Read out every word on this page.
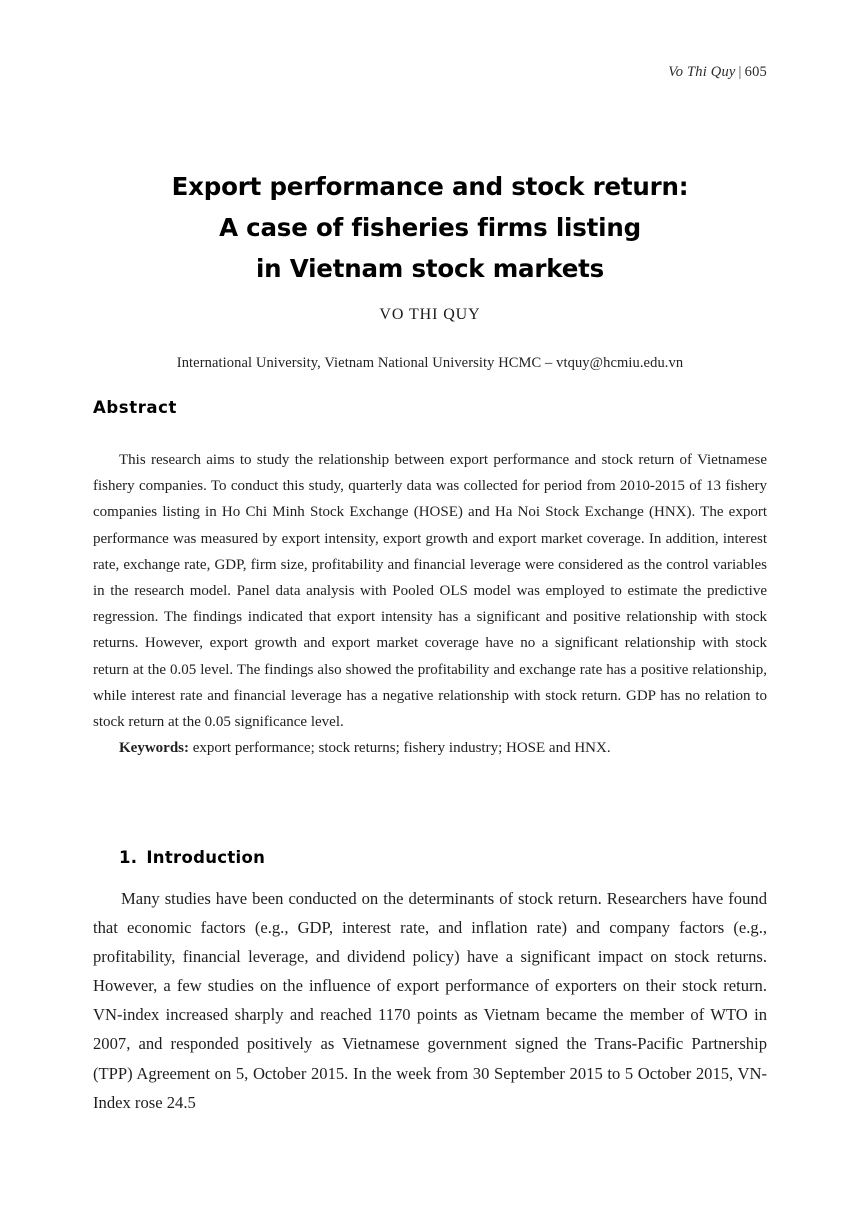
Vo Thi Quy | 605
Export performance and stock return:
A case of fisheries firms listing
in Vietnam stock markets
VO THI QUY
International University, Vietnam National University HCMC – vtquy@hcmiu.edu.vn
Abstract

This research aims to study the relationship between export performance and stock return of Vietnamese fishery companies. To conduct this study, quarterly data was collected for period from 2010-2015 of 13 fishery companies listing in Ho Chi Minh Stock Exchange (HOSE) and Ha Noi Stock Exchange (HNX). The export performance was measured by export intensity, export growth and export market coverage. In addition, interest rate, exchange rate, GDP, firm size, profitability and financial leverage were considered as the control variables in the research model. Panel data analysis with Pooled OLS model was employed to estimate the predictive regression. The findings indicated that export intensity has a significant and positive relationship with stock returns. However, export growth and export market coverage have no a significant relationship with stock return at the 0.05 level. The findings also showed the profitability and exchange rate has a positive relationship, while interest rate and financial leverage has a negative relationship with stock return. GDP has no relation to stock return at the 0.05 significance level.

Keywords: export performance; stock returns; fishery industry; HOSE and HNX.

1. Introduction

Many studies have been conducted on the determinants of stock return. Researchers have found that economic factors (e.g., GDP, interest rate, and inflation rate) and company factors (e.g., profitability, financial leverage, and dividend policy) have a significant impact on stock returns. However, a few studies on the influence of export performance of exporters on their stock return. VN-index increased sharply and reached 1170 points as Vietnam became the member of WTO in 2007, and responded positively as Vietnamese government signed the Trans-Pacific Partnership (TPP) Agreement on 5, October 2015. In the week from 30 September 2015 to 5 October 2015, VN-Index rose 24.5
